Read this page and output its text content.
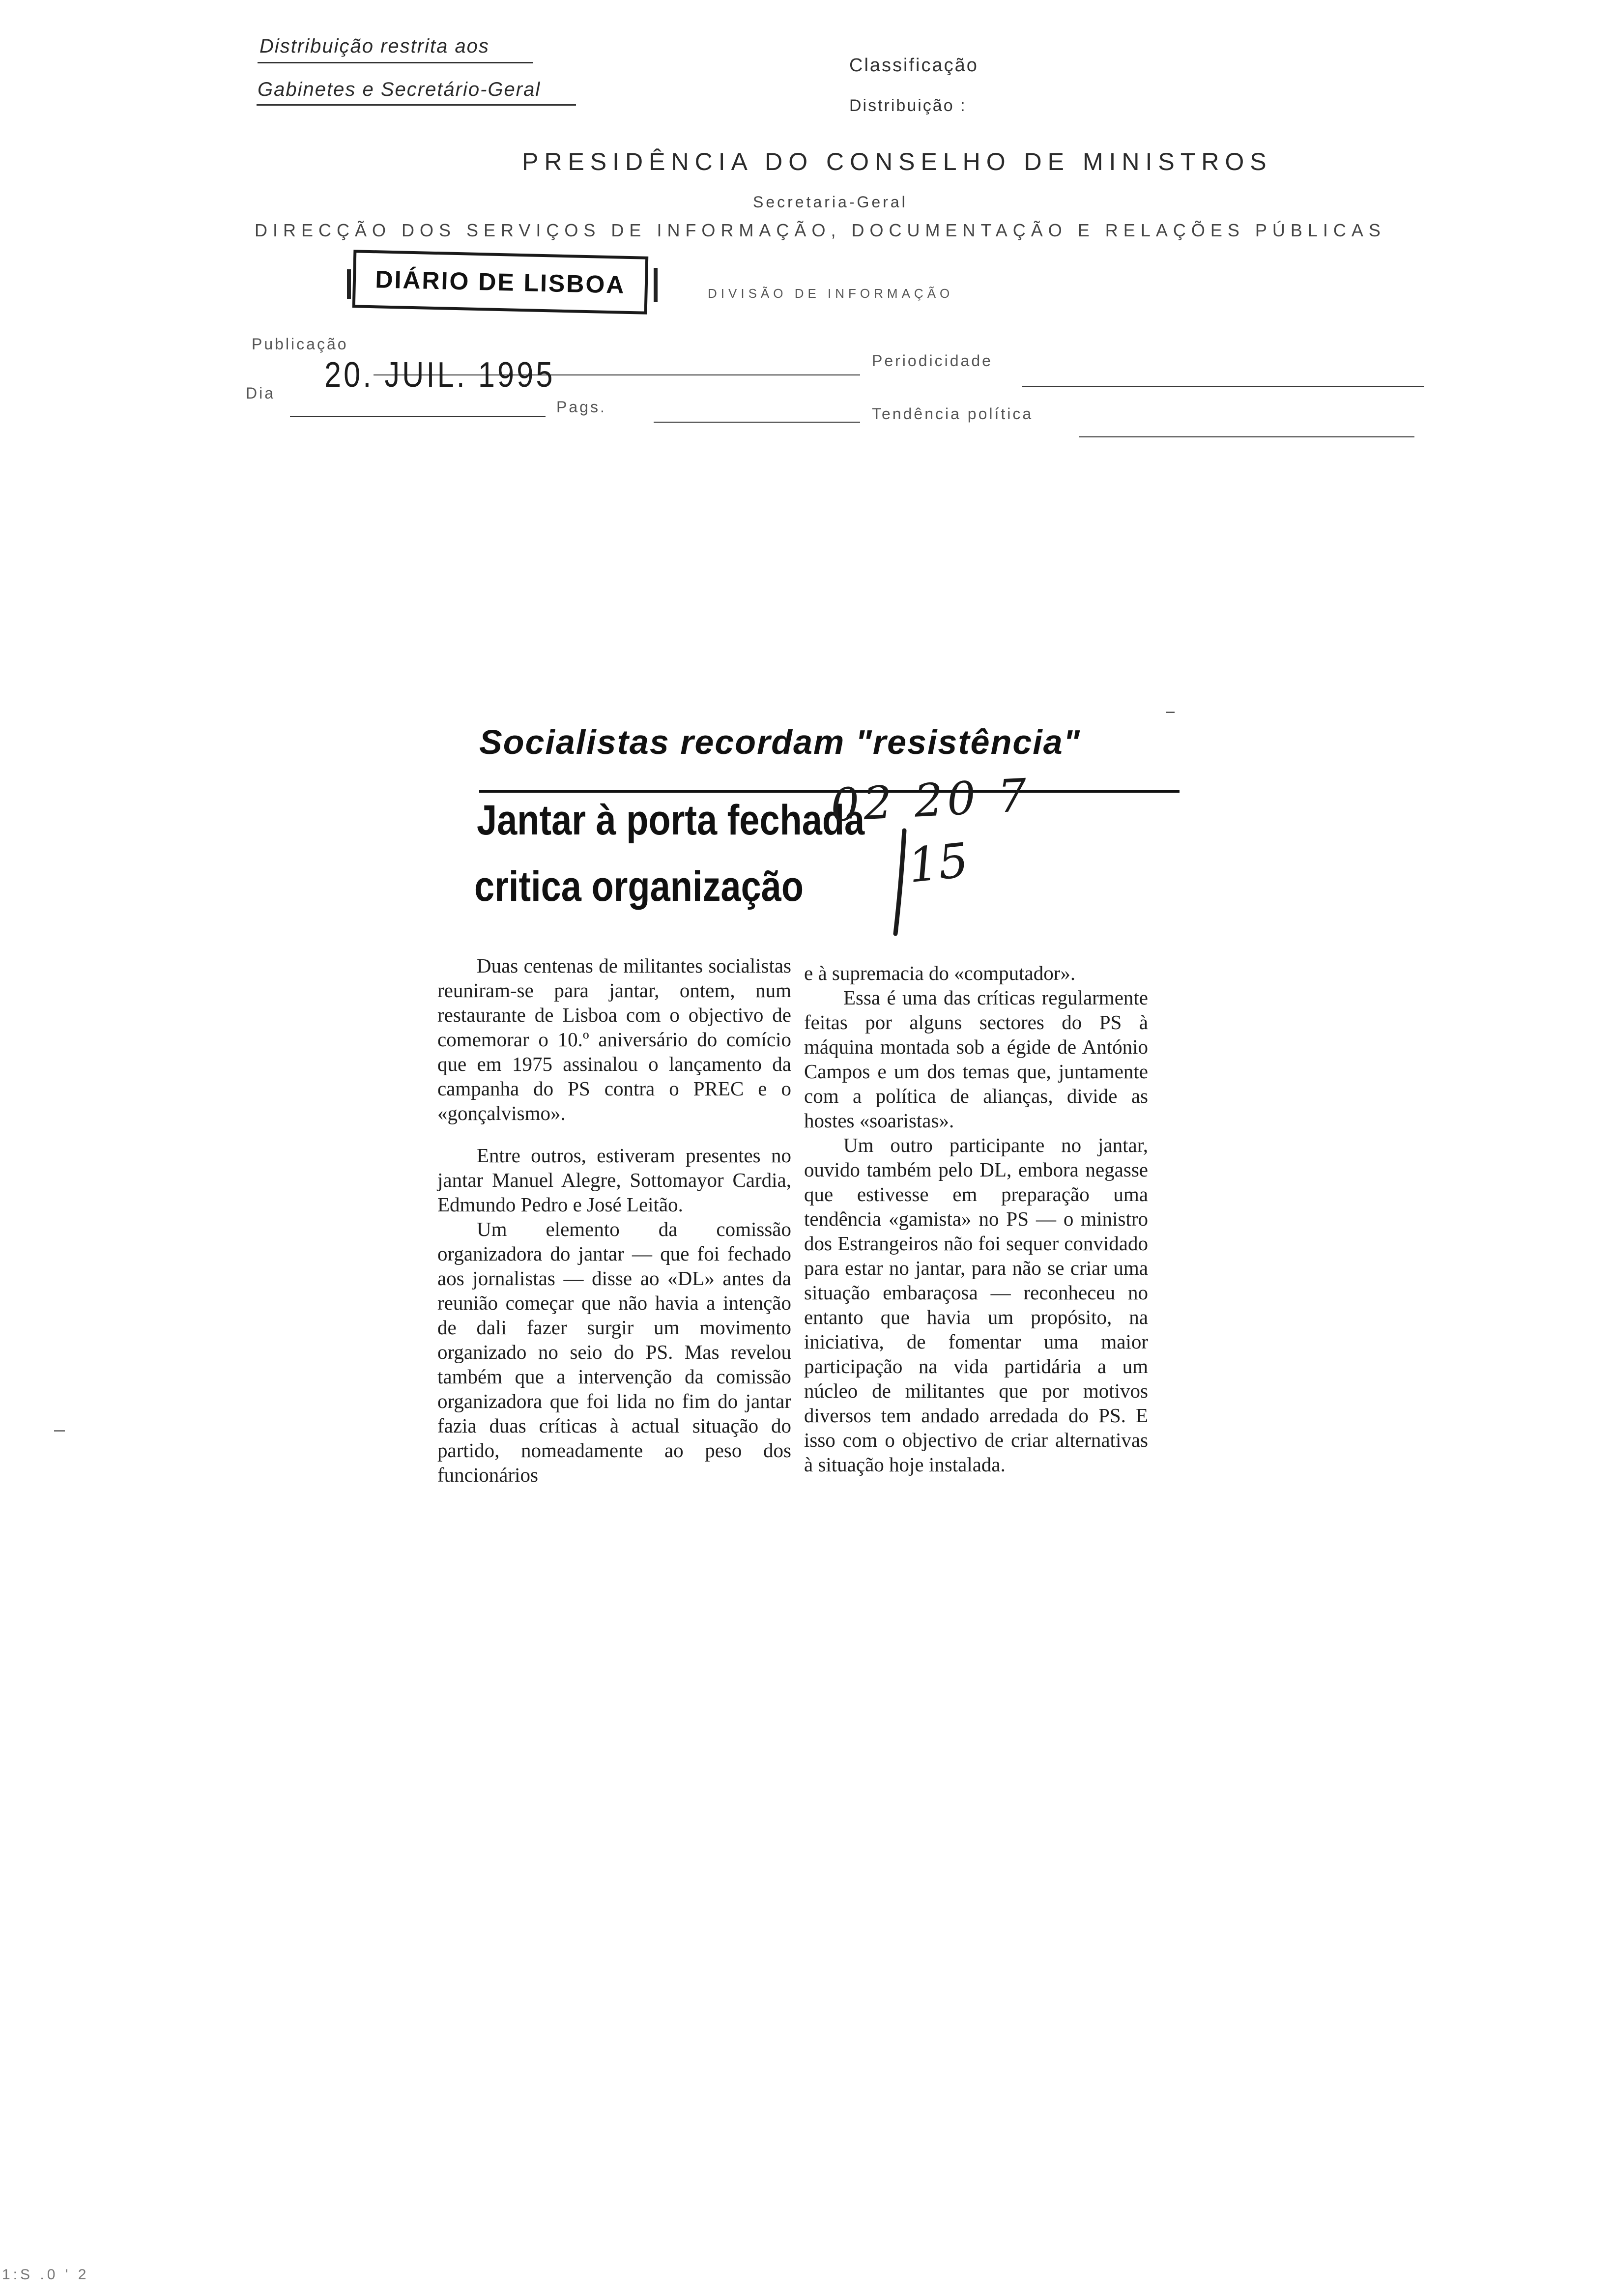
Distribuição restrita aos
Gabinetes e Secretário-Geral
Classificação
Distribuição :
PRESIDÊNCIA DO CONSELHO DE MINISTROS
Secretaria-Geral
DIRECÇÃO DOS SERVIÇOS DE INFORMAÇÃO, DOCUMENTAÇÃO E RELAÇÕES PÚBLICAS
DIÁRIO DE LISBOA	DIVISÃO DE INFORMAÇÃO
Publicação
Periodicidade
Dia 20. JUIL. 1995
Pags.	Tendência política
Socialistas recordam "resistência"
Jantar à porta fechada
critica organização
02 20 7
15

Duas centenas de militantes socialistas reuniram-se para jantar, ontem, num restaurante de Lisboa com o objectivo de comemorar o 10.º aniversário do comício que em 1975 assinalou o lançamento da campanha do PS contra o PREC e o «gonçalvismo».

Entre outros, estiveram presentes no jantar Manuel Alegre, Sottomayor Cardia, Edmundo Pedro e José Leitão.

Um elemento da comissão organizadora do jantar — que foi fechado aos jornalistas — disse ao «DL» antes da reunião começar que não havia a intenção de dali fazer surgir um movimento organizado no seio do PS. Mas revelou também que a intervenção da comissão organizadora que foi lida no fim do jantar fazia duas críticas à actual situação do partido, nomeadamente ao peso dos funcionários

e à supremacia do «computador».

Essa é uma das críticas regularmente feitas por alguns sectores do PS à máquina montada sob a égide de António Campos e um dos temas que, juntamente com a política de alianças, divide as hostes «soaristas».

Um outro participante no jantar, ouvido também pelo DL, embora negasse que estivesse em preparação uma tendência «gamista» no PS — o ministro dos Estrangeiros não foi sequer convidado para estar no jantar, para não se criar uma situação embaraçosa — reconheceu no entanto que havia um propósito, na iniciativa, de fomentar uma maior participação na vida partidária a um núcleo de militantes que por motivos diversos tem andado arredada do PS. E isso com o objectivo de criar alternativas à situação hoje instalada.

1:S .0 ' 2
